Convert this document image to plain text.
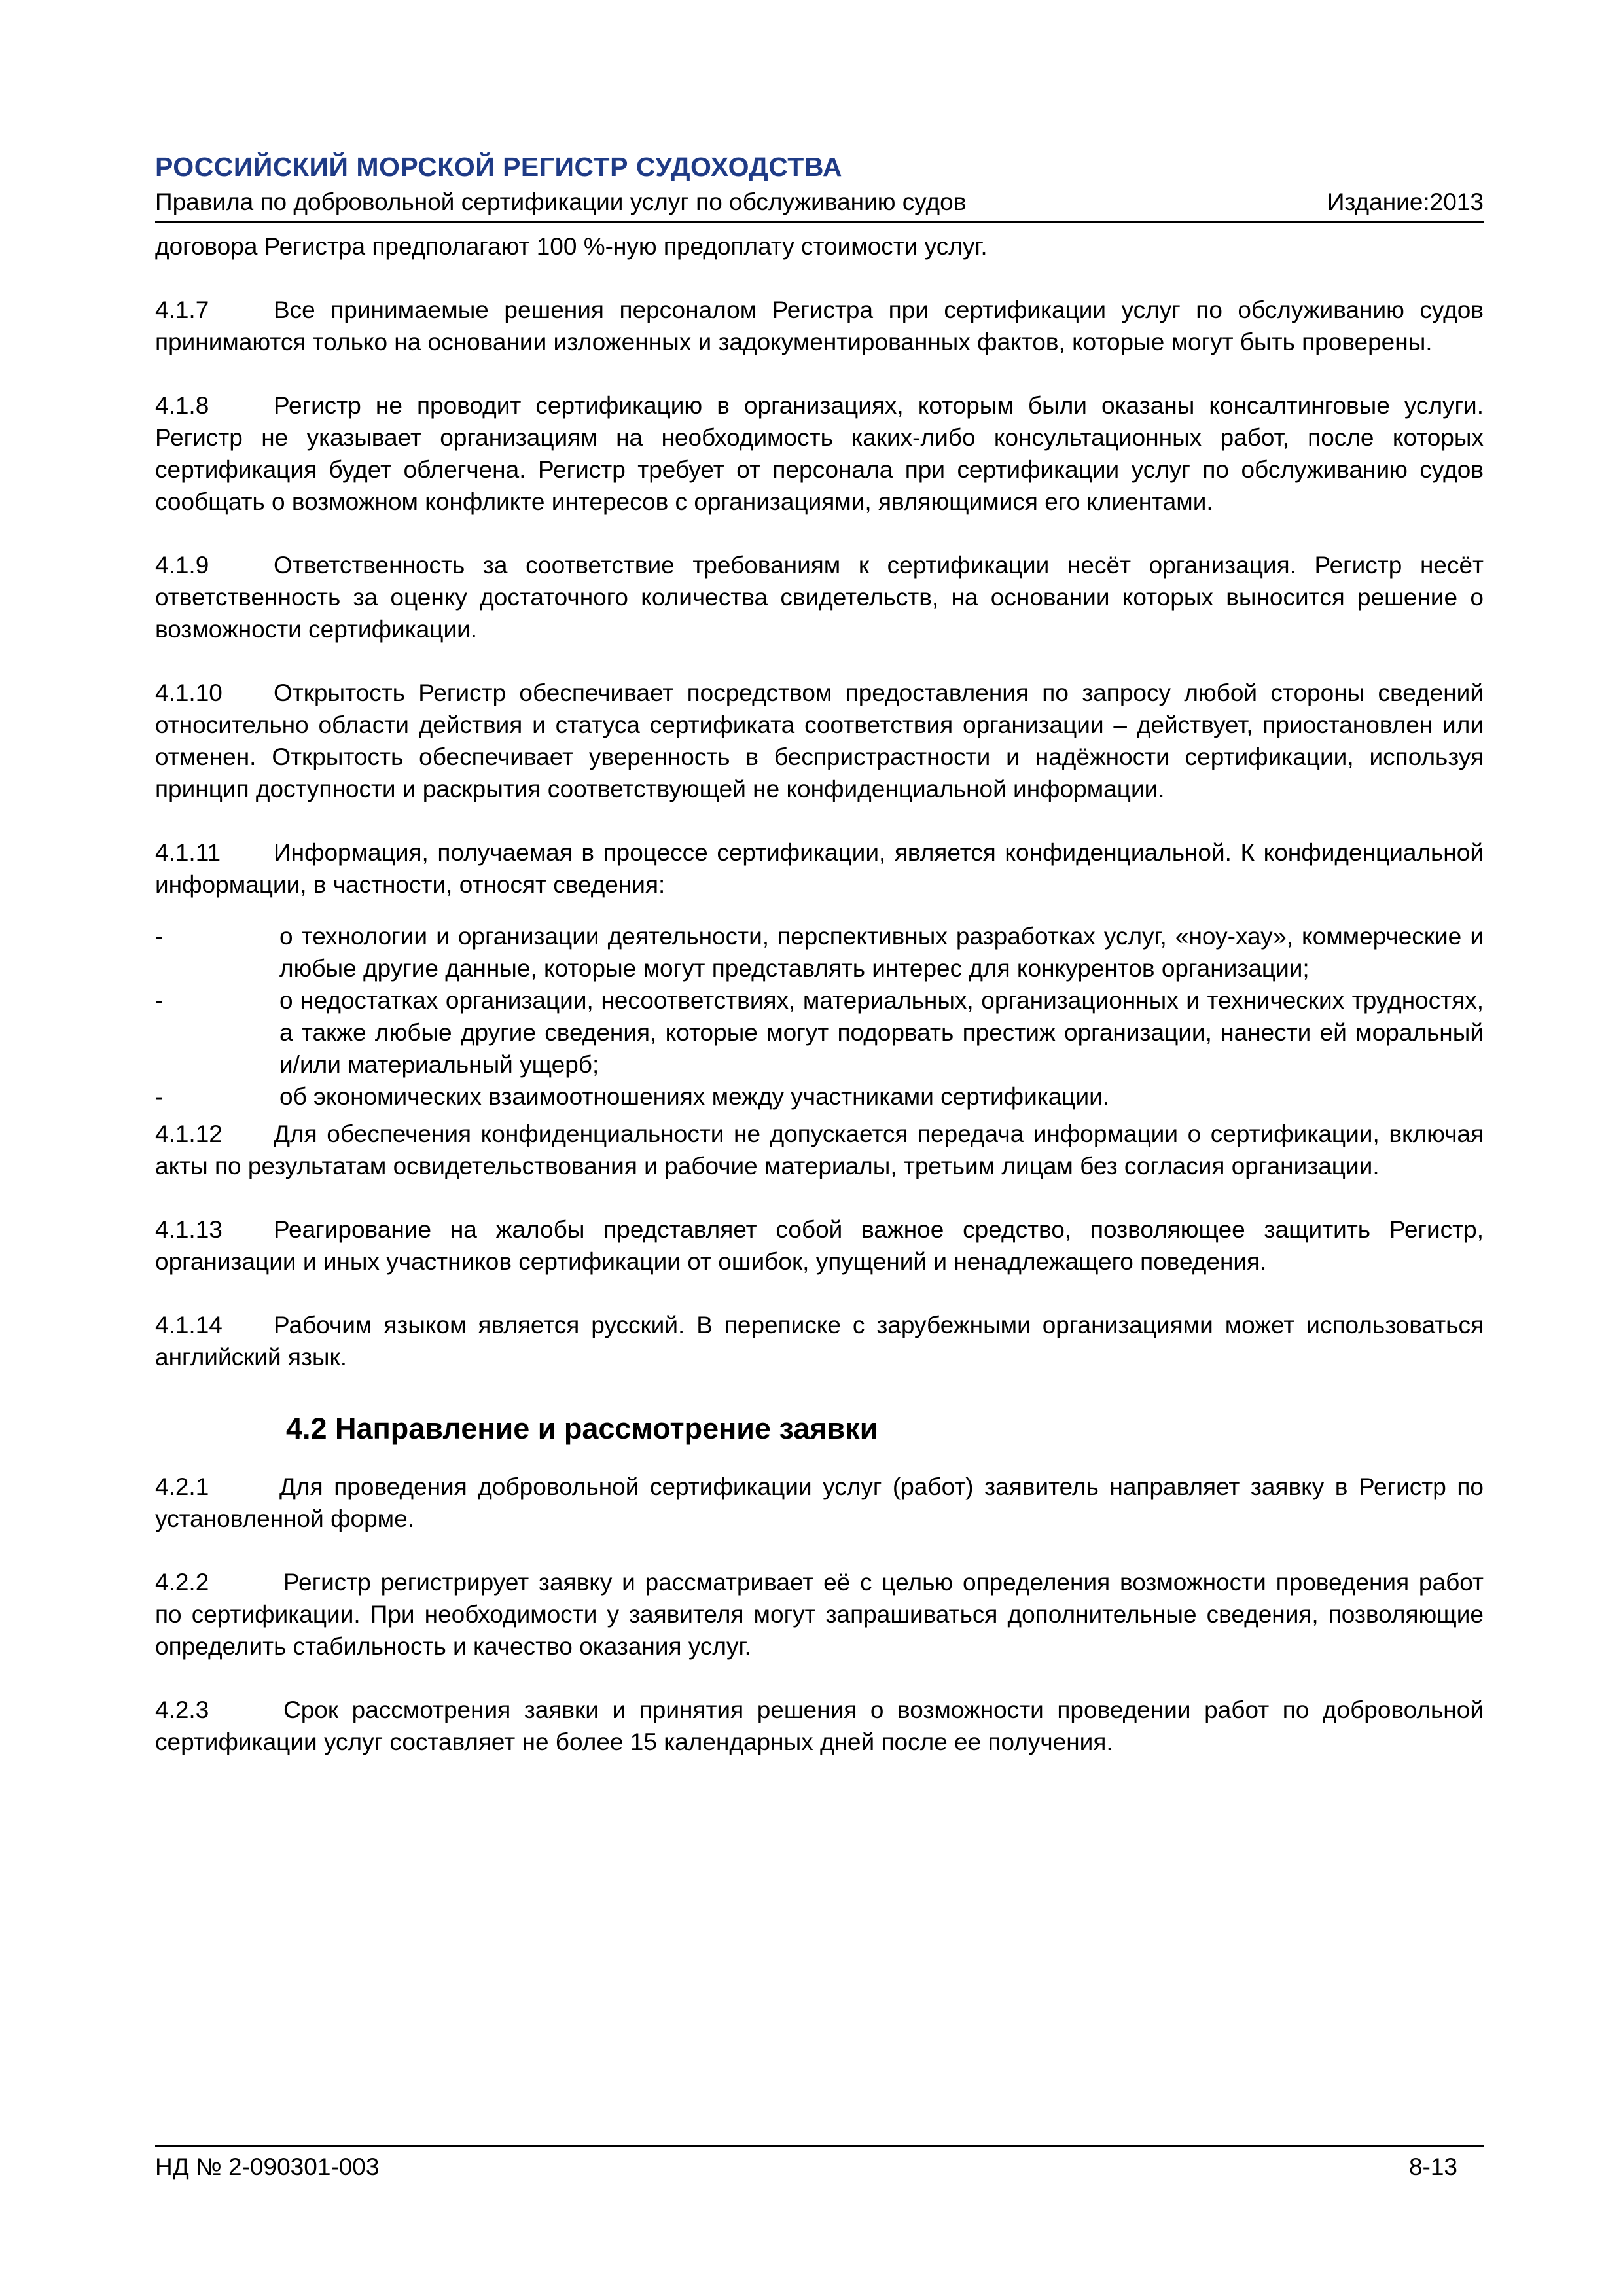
РОССИЙСКИЙ МОРСКОЙ РЕГИСТР СУДОХОДСТВА
Правила по добровольной сертификации услуг по обслуживанию судов	Издание:2013

договора Регистра предполагают 100 %-ную предоплату стоимости услуг.

4.1.7	Все принимаемые решения персоналом Регистра при сертификации услуг по обслуживанию судов принимаются только на основании изложенных и задокументированных фактов, которые могут быть проверены.

4.1.8	Регистр не проводит сертификацию в организациях, которым были оказаны консалтинговые услуги. Регистр не указывает организациям на необходимость каких-либо консультационных работ, после которых сертификация будет облегчена. Регистр требует от персонала при сертификации услуг по обслуживанию судов сообщать о возможном конфликте интересов с организациями, являющимися его клиентами.

4.1.9	Ответственность за соответствие требованиям к сертификации несёт организация. Регистр несёт ответственность за оценку достаточного количества свидетельств, на основании которых выносится решение о возможности сертификации.

4.1.10 Открытость Регистр обеспечивает посредством предоставления по запросу любой стороны сведений относительно области действия и статуса сертификата соответствия организации – действует, приостановлен или отменен. Открытость обеспечивает уверенность в беспристрастности и надёжности сертификации, используя принцип доступности и раскрытия соответствующей не конфиденциальной информации.

4.1.11 Информация, получаемая в процессе сертификации, является конфиденциальной. К конфиденциальной информации, в частности, относят сведения:

-	о технологии и организации деятельности, перспективных разработках услуг, «ноу-хау», коммерческие и любые другие данные, которые могут представлять интерес для конкурентов организации;
-	о недостатках организации, несоответствиях, материальных, организационных и технических трудностях, а также любые другие сведения, которые могут подорвать престиж организации, нанести ей моральный и/или материальный ущерб;
-	об экономических взаимоотношениях между участниками сертификации.

4.1.12 Для обеспечения конфиденциальности не допускается передача информации о сертификации, включая акты по результатам освидетельствования и рабочие материалы, третьим лицам без согласия организации.

4.1.13 Реагирование на жалобы представляет собой важное средство, позволяющее защитить Регистр, организации и иных участников сертификации от ошибок, упущений и ненадлежащего поведения.

4.1.14 Рабочим языком является русский. В переписке с зарубежными организациями может использоваться английский язык.

4.2 Направление и рассмотрение заявки

4.2.1	Для проведения добровольной сертификации услуг (работ) заявитель направляет заявку в Регистр по установленной форме.

4.2.2	Регистр регистрирует заявку и рассматривает её с целью определения возможности проведения работ по сертификации. При необходимости у заявителя могут запрашиваться дополнительные сведения, позволяющие определить стабильность и качество оказания услуг.

4.2.3	Срок рассмотрения заявки и принятия решения о возможности проведении работ по добровольной сертификации услуг составляет не более 15 календарных дней после ее получения.

НД № 2-090301-003	8-13
